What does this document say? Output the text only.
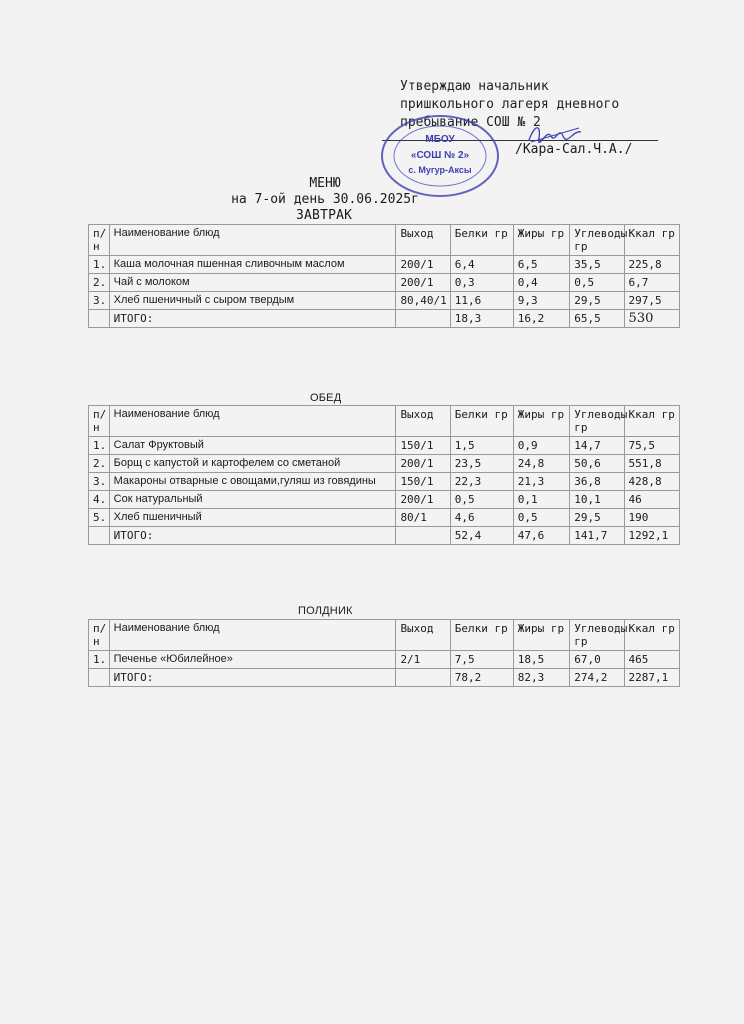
Утверждаю начальник
пришкольного лагеря дневного
пребывание СОШ № 2
/Кара-Сал.Ч.А./
МБОУ
«СОШ № 2»
с. Мугур-Аксы
МЕНЮ
на 7-ой день 30.06.2025г
ЗАВТРАК
п/н	Наименование блюд	Выход	Белки гр	Жиры гр	Углеводы гр	Ккал гр
1.	Каша молочная пшенная сливочным маслом	200/1	6,4	6,5	35,5	225,8
2.	Чай с молоком	200/1	0,3	0,4	0,5	6,7
3.	Хлеб пшеничный с сыром твердым	80,40/1	11,6	9,3	29,5	297,5
	ИТОГО:		18,3	16,2	65,5	530
ОБЕД
п/н	Наименование блюд	Выход	Белки гр	Жиры гр	Углеводы гр	Ккал гр
1.	Салат Фруктовый	150/1	1,5	0,9	14,7	75,5
2.	Борщ с капустой и картофелем со сметаной	200/1	23,5	24,8	50,6	551,8
3.	Макароны отварные с овощами,гуляш из говядины	150/1	22,3	21,3	36,8	428,8
4.	Сок натуральный	200/1	0,5	0,1	10,1	46
5.	Хлеб пшеничный	80/1	4,6	0,5	29,5	190
	ИТОГО:		52,4	47,6	141,7	1292,1
ПОЛДНИК
п/н	Наименование блюд	Выход	Белки гр	Жиры гр	Углеводы гр	Ккал гр
1.	Печенье «Юбилейное»	2/1	7,5	18,5	67,0	465
	ИТОГО:		78,2	82,3	274,2	2287,1
